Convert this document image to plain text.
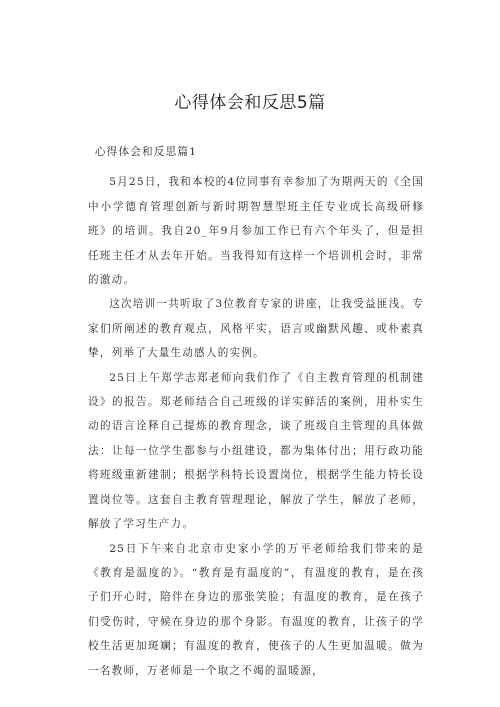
心得体会和反思5篇

心得体会和反思篇1

5月25日，我和本校的4位同事有幸参加了为期两天的《全国中小学德育管理创新与新时期智慧型班主任专业成长高级研修班》的培训。我自20_年9月参加工作已有六个年头了，但是担任班主任才从去年开始。当我得知有这样一个培训机会时，非常的激动。

这次培训一共听取了3位教育专家的讲座，让我受益匪浅。专家们所阐述的教育观点，风格平实，语言或幽默风趣、或朴素真挚，列举了大量生动感人的实例。

25日上午郑学志郑老师向我们作了《自主教育管理的机制建设》的报告。郑老师结合自己班级的详实鲜活的案例，用朴实生动的语言诠释自己提炼的教育理念，谈了班级自主管理的具体做法：让每一位学生都参与小组建设，都为集体付出；用行政功能将班级重新建制；根据学科特长设置岗位，根据学生能力特长设置岗位等。这套自主教育管理理论，解放了学生，解放了老师，解放了学习生产力。

25日下午来自北京市史家小学的万平老师给我们带来的是《教育是温度的》。“教育是有温度的”，有温度的教育，是在孩子们开心时，陪伴在身边的那张笑脸；有温度的教育，是在孩子们受伤时，守候在身边的那个身影。有温度的教育，让孩子的学校生活更加斑斓；有温度的教育，使孩子的人生更加温暖。做为一名教师，万老师是一个取之不竭的温暖源，
